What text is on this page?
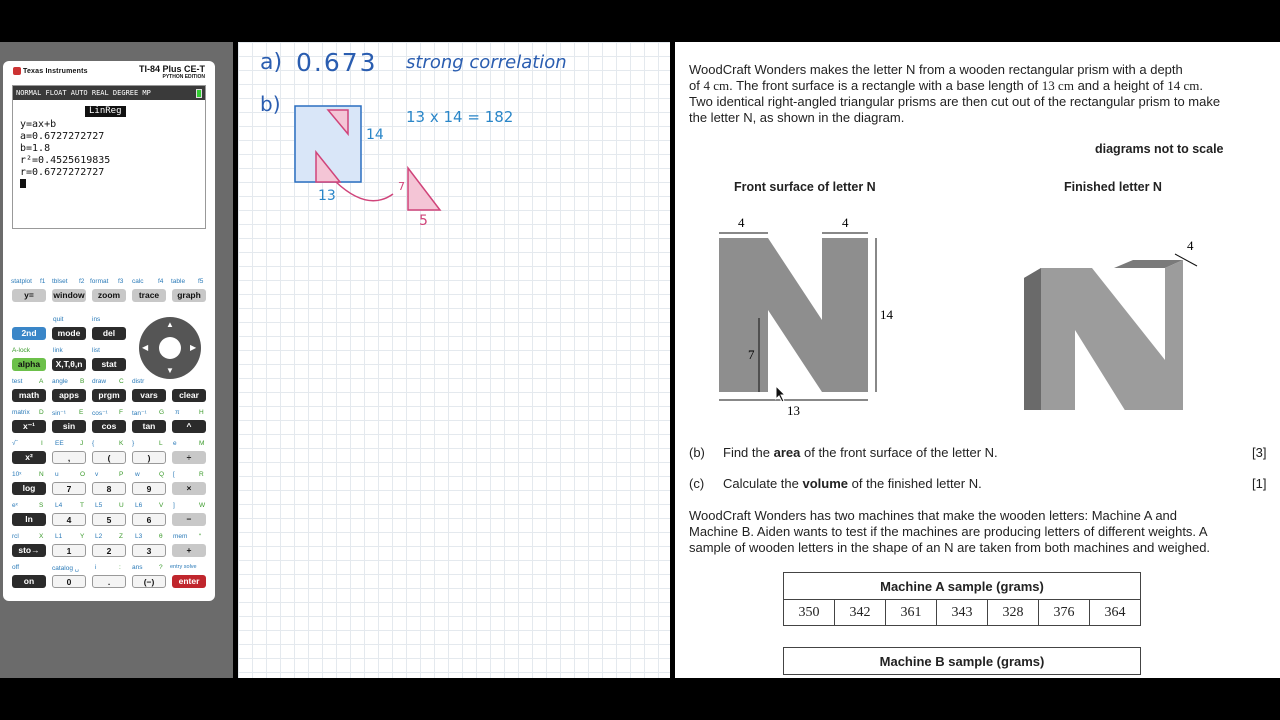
Texas Instruments	TI-84 Plus CE-T
PYTHON EDITION
NORMAL FLOAT AUTO REAL DEGREE MP
LinReg
y=ax+b
a=0.6727272727
b=1.8
r²=0.4525619835
r=0.6727272727
statplot f1 tblset f2 format f3 calc f4 table f5
y=	window	zoom	trace	graph
quit	ins
2nd	mode	del
A-lock	link	list
alpha	X,T,θ,n	stat
▲
▼
◀	▶
test	A angle B draw C distr
math	apps	prgm	vars	clear
matrix D sin⁻¹ E cos⁻¹ F tan⁻¹ G π	H
x⁻¹	sin	cos	tan	^
√‾	I EE	J {	K }	L e	M
x²	,	(	)	÷
10ˣ	N u	O v	P w	Q [	R
log	7	8	9	×
eˣ	S L4	T L5	U L6	V ]	W
ln	4	5	6	−
rcl	X L1	Y L2	Z L3	θ mem “
sto→	1	2	3	+
off	catalog ␣ i	: ans	? entry solve
on	0	.	(−)	enter
a) 0.673 strong correlation
b)
14
13
7
5
13 x 14 = 182
WoodCraft Wonders makes the letter N from a wooden rectangular prism with a depth
of 4 cm. The front surface is a rectangle with a base length of 13 cm and a height of 14 cm.
Two identical right-angled triangular prisms are then cut out of the rectangular prism to make
the letter N, as shown in the diagram.
diagrams not to scale
Front surface of letter N	Finished letter N
4	4
14
7
13
4
(b) Find the area of the front surface of the letter N.	[3]
(c) Calculate the volume of the finished letter N.	[1]
WoodCraft Wonders has two machines that make the wooden letters: Machine A and
Machine B. Aiden wants to test if the machines are producing letters of different weights. A
sample of wooden letters in the shape of an N are taken from both machines and weighed.
Machine A sample (grams)
350	342	361	343	328	376	364
Machine B sample (grams)
